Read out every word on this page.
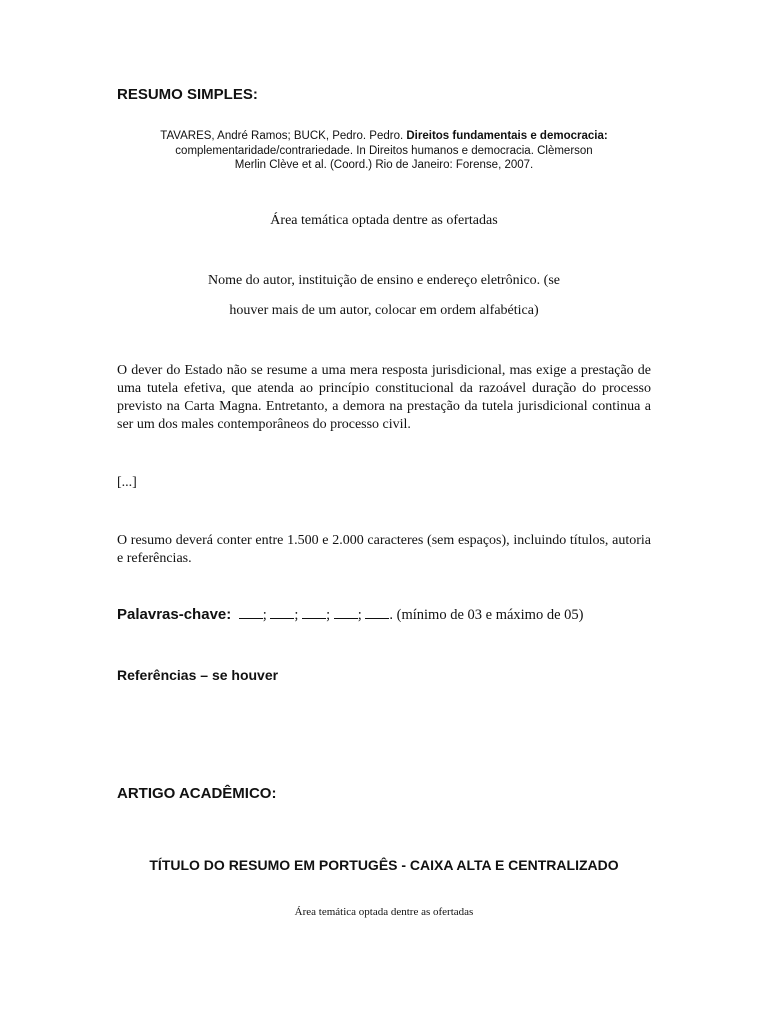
RESUMO SIMPLES:
TAVARES, André Ramos; BUCK, Pedro. Pedro. Direitos fundamentais e democracia: complementaridade/contrariedade. In Direitos humanos e democracia. Clèmerson Merlin Clève et al. (Coord.) Rio de Janeiro: Forense, 2007.
Área temática optada dentre as ofertadas
Nome do autor, instituição de ensino e endereço eletrônico. (se
houver mais de um autor, colocar em ordem alfabética)
O dever do Estado não se resume a uma mera resposta jurisdicional, mas exige a prestação de uma tutela efetiva, que atenda ao princípio constitucional da razoável duração do processo previsto na Carta Magna. Entretanto, a demora na prestação da tutela jurisdicional continua a ser um dos males contemporâneos do processo civil.
[...]
O resumo deverá conter entre 1.500 e 2.000 caracteres (sem espaços), incluindo títulos, autoria e referências.
Palavras-chave: ; ; ; ; . (mínimo de 03 e máximo de 05)
Referências – se houver
ARTIGO ACADÊMICO:
TÍTULO DO RESUMO EM PORTUGÊS - CAIXA ALTA E CENTRALIZADO
Área temática optada dentre as ofertadas
